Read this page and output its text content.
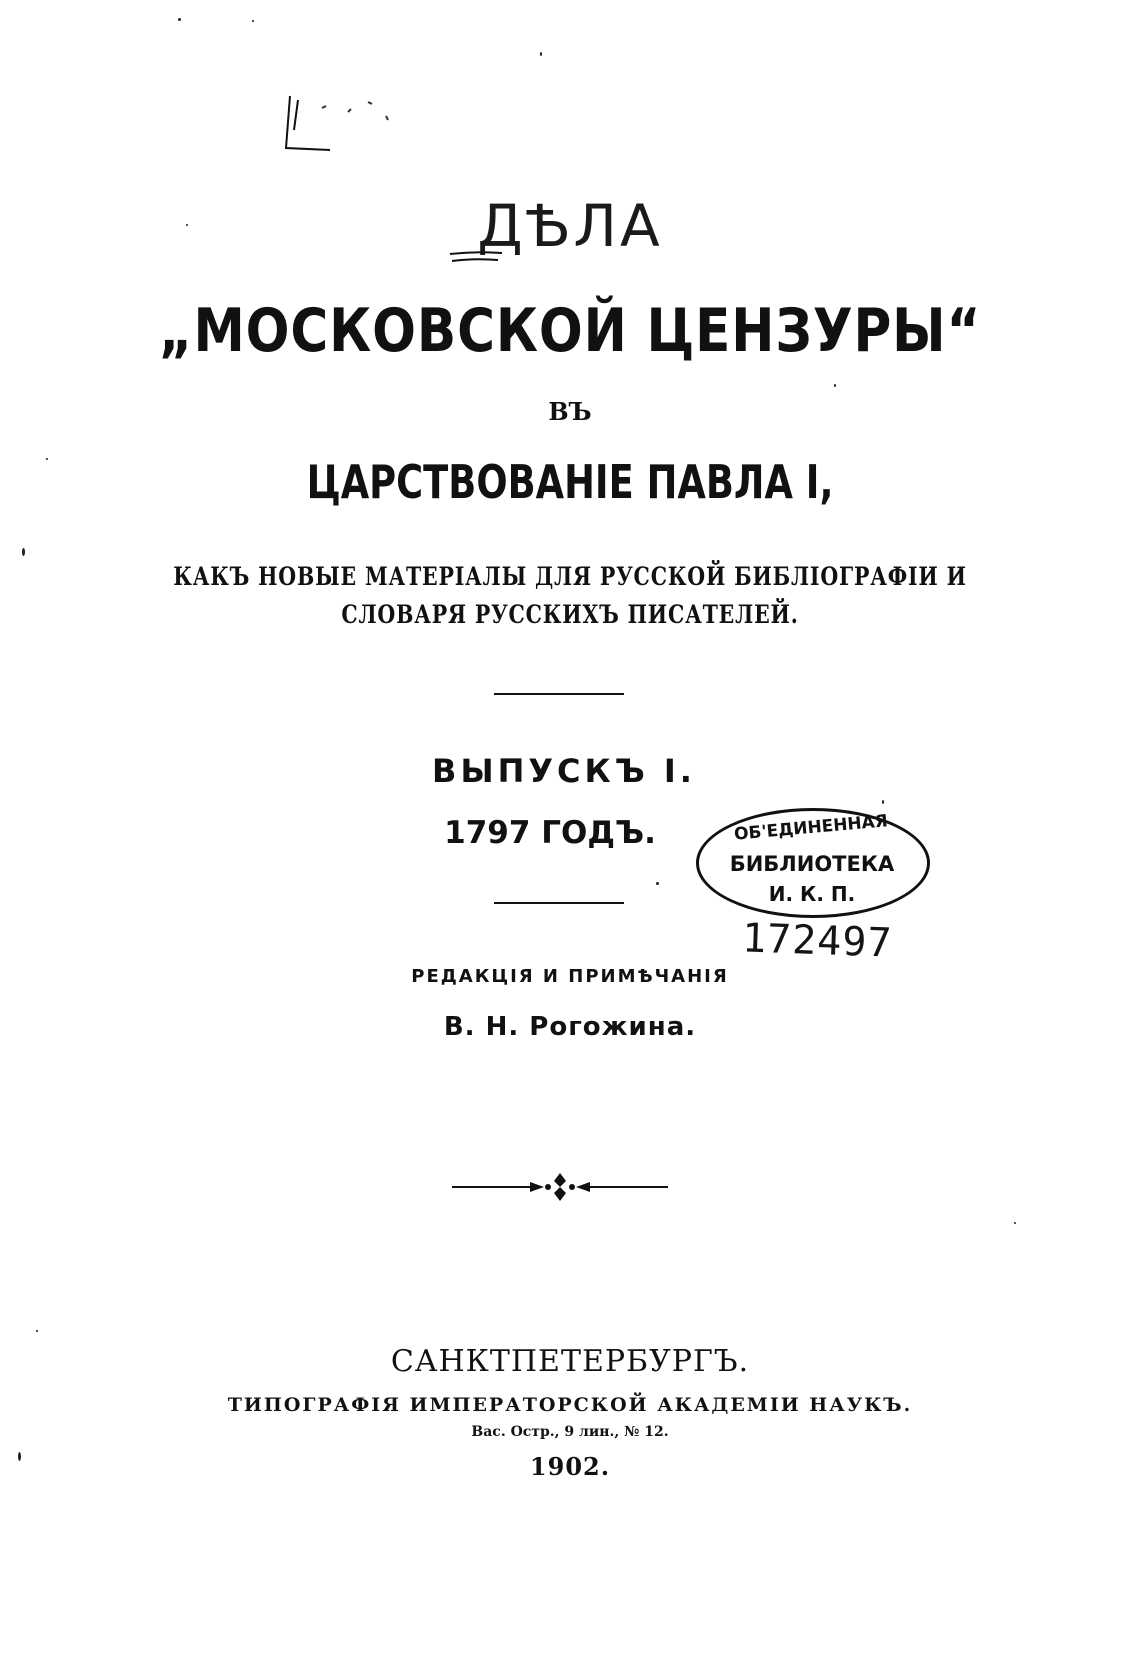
ДѢЛА
„МОСКОВСКОЙ ЦЕНЗУРЫ“
ВЪ
ЦАРСТВОВАНІЕ ПАВЛА I,
КАКЪ НОВЫЕ МАТЕРІАЛЫ ДЛЯ РУССКОЙ БИБЛІОГРАФІИ И
СЛОВАРЯ РУССКИХЪ ПИСАТЕЛЕЙ.
ВЫПУСКЪ I.
1797 ГОДЪ.	ОБ'ЕДИНЕННАЯ
БИБЛИОТЕКА
И. К. П.
172497
РЕДАКЦІЯ И ПРИМѢЧАНІЯ
В. Н. Рогожина.
САНКТПЕТЕРБУРГЪ.
ТИПОГРАФІЯ ИМПЕРАТОРСКОЙ АКАДЕМІИ НАУКЪ.
Вас. Остр., 9 лин., № 12.
1902.
